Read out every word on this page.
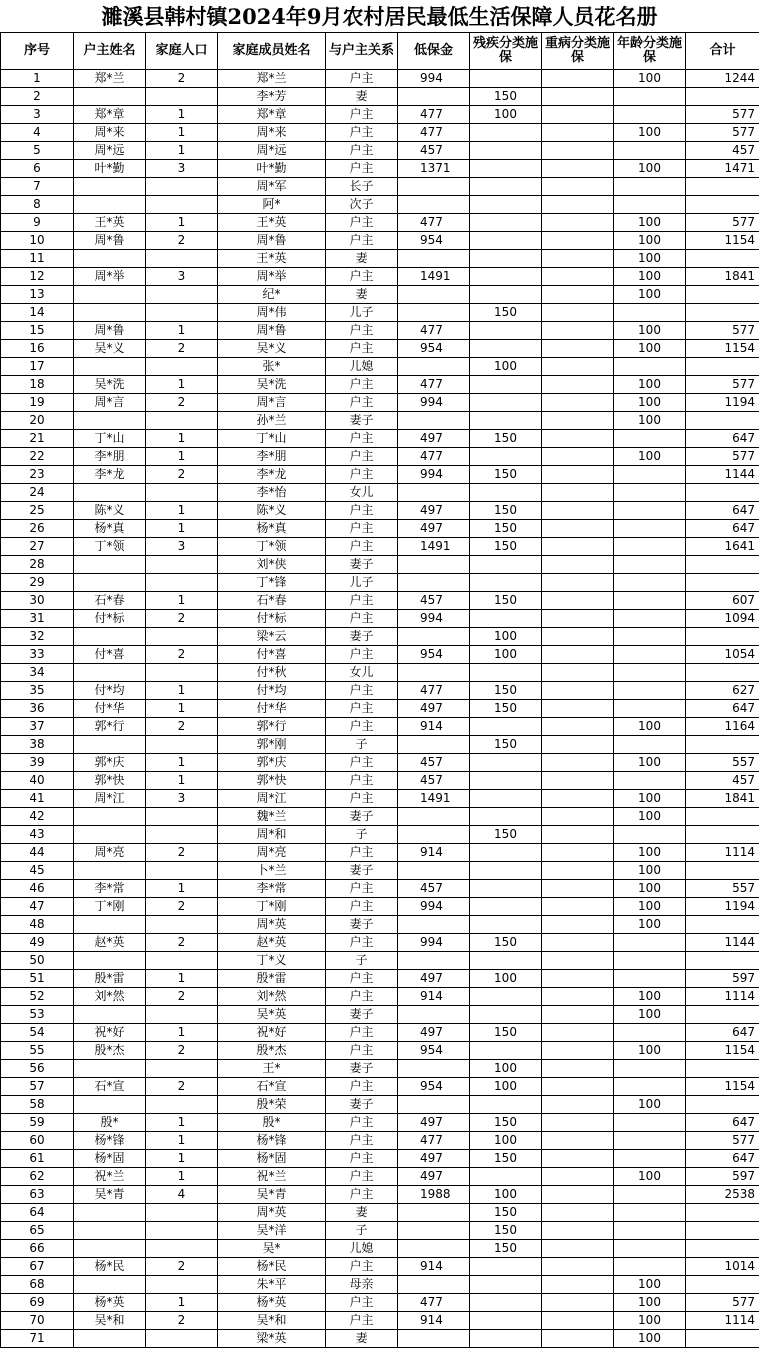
濉溪县韩村镇2024年9月农村居民最低生活保障人员花名册
序号	户主姓名	家庭人口	家庭成员姓名	与户主关系	低保金	残疾分类施保	重病分类施保	年龄分类施保	合计
1	郑*兰	2	郑*兰	户主	994			100	1244
2			李*芳	妻		150			
3	郑*章	1	郑*章	户主	477	100			577
4	周*来	1	周*来	户主	477			100	577
5	周*远	1	周*远	户主	457				457
6	叶*勤	3	叶*勤	户主	1371			100	1471
7			周*军	长子					
8			阿*	次子					
9	王*英	1	王*英	户主	477			100	577
10	周*鲁	2	周*鲁	户主	954			100	1154
11			王*英	妻				100	
12	周*举	3	周*举	户主	1491			100	1841
13			纪*	妻				100	
14			周*伟	儿子		150			
15	周*鲁	1	周*鲁	户主	477			100	577
16	吴*义	2	吴*义	户主	954			100	1154
17			张*	儿媳		100			
18	吴*洗	1	吴*洗	户主	477			100	577
19	周*言	2	周*言	户主	994			100	1194
20			孙*兰	妻子				100	
21	丁*山	1	丁*山	户主	497	150			647
22	李*朋	1	李*朋	户主	477			100	577
23	李*龙	2	李*龙	户主	994	150			1144
24			李*怡	女儿					
25	陈*义	1	陈*义	户主	497	150			647
26	杨*真	1	杨*真	户主	497	150			647
27	丁*领	3	丁*领	户主	1491	150			1641
28			刘*侠	妻子					
29			丁*锋	儿子					
30	石*春	1	石*春	户主	457	150			607
31	付*标	2	付*标	户主	994				1094
32			梁*云	妻子		100			
33	付*喜	2	付*喜	户主	954	100			1054
34			付*秋	女儿					
35	付*均	1	付*均	户主	477	150			627
36	付*华	1	付*华	户主	497	150			647
37	郭*行	2	郭*行	户主	914			100	1164
38			郭*刚	子		150			
39	郭*庆	1	郭*庆	户主	457			100	557
40	郭*快	1	郭*快	户主	457				457
41	周*江	3	周*江	户主	1491			100	1841
42			魏*兰	妻子				100	
43			周*和	子		150			
44	周*亮	2	周*亮	户主	914			100	1114
45			卜*兰	妻子				100	
46	李*常	1	李*常	户主	457			100	557
47	丁*刚	2	丁*刚	户主	994			100	1194
48			周*英	妻子				100	
49	赵*英	2	赵*英	户主	994	150			1144
50			丁*义	子					
51	殷*雷	1	殷*雷	户主	497	100			597
52	刘*然	2	刘*然	户主	914			100	1114
53			吴*英	妻子				100	
54	祝*好	1	祝*好	户主	497	150			647
55	殷*杰	2	殷*杰	户主	954			100	1154
56			王*	妻子		100			
57	石*宣	2	石*宣	户主	954	100			1154
58			殷*荣	妻子				100	
59	殷*	1	殷*	户主	497	150			647
60	杨*锋	1	杨*锋	户主	477	100			577
61	杨*固	1	杨*固	户主	497	150			647
62	祝*兰	1	祝*兰	户主	497			100	597
63	吴*青	4	吴*青	户主	1988	100			2538
64			周*英	妻		150			
65			吴*洋	子		150			
66			吴*	儿媳		150			
67	杨*民	2	杨*民	户主	914				1014
68			朱*平	母亲				100	
69	杨*英	1	杨*英	户主	477			100	577
70	吴*和	2	吴*和	户主	914			100	1114
71			梁*英	妻				100	
